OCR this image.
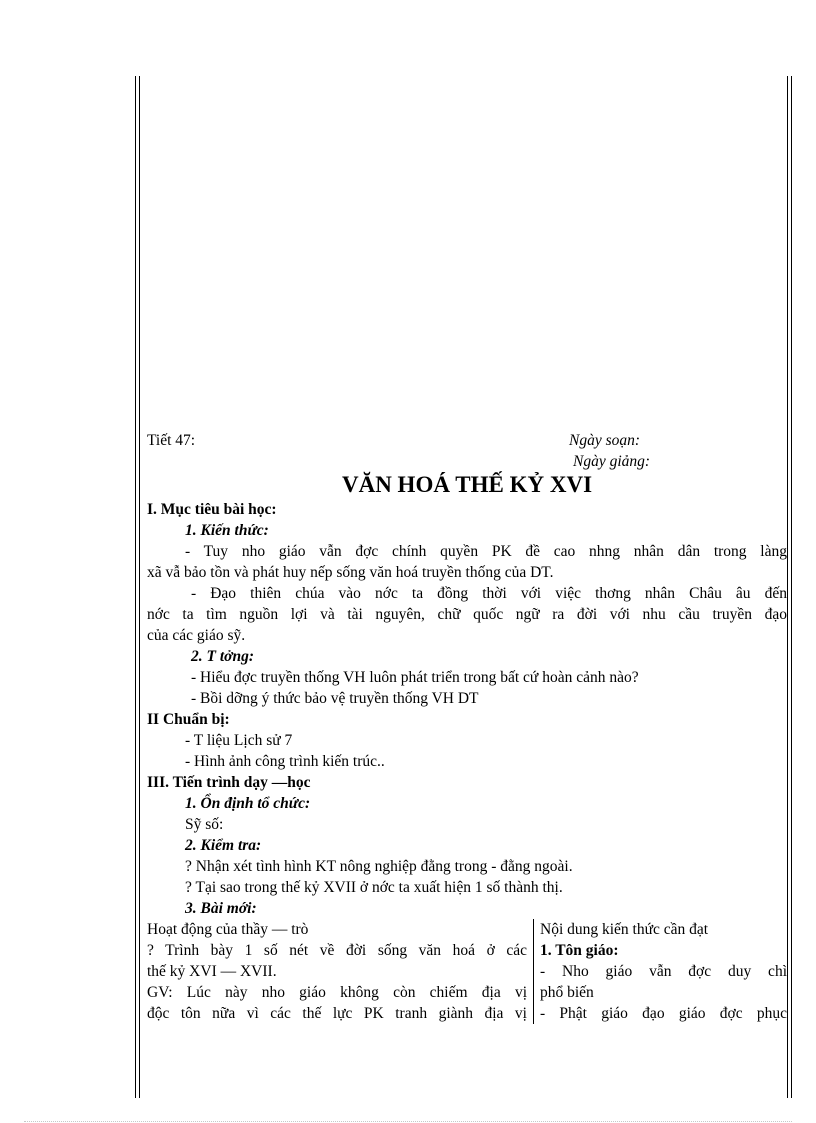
Tiết 47:	Ngày soạn:
Ngày giảng:
VĂN HOÁ THẾ KỶ XVI
I. Mục tiêu bài học:
1. Kiến thức:
- Tuy nho giáo vẫn đợc chính quyền PK đề cao nhng nhân dân trong làng
xã vẫ bảo tồn và phát huy nếp sống văn hoá truyền thống của DT.
- Đạo thiên chúa vào nớc ta đồng thời với việc thơng nhân Châu âu đến
nớc ta tìm nguồn lợi và tài nguyên, chữ quốc ngữ ra đời với nhu cầu truyền đạo
của các giáo sỹ.
2. T tởng:
- Hiểu đợc truyền thống VH luôn phát triển trong bất cứ hoàn cảnh nào?
- Bồi dỡng ý thức bảo vệ truyền thống VH DT
II Chuẩn bị:
- T liệu Lịch sử 7
- Hình ảnh công trình kiến trúc..
III. Tiến trình dạy —học
1. Ổn định tổ chức:
Sỹ số:
2. Kiểm tra:
? Nhận xét tình hình KT nông nghiệp đằng trong - đằng ngoài.
? Tại sao trong thế kỷ XVII ở nớc ta xuất hiện 1 số thành thị.
3. Bài mới:
Hoạt động của thầy — trò
? Trình bày 1 số nét về đời sống văn hoá ở các
thế kỷ XVI — XVII.
GV: Lúc này nho giáo không còn chiếm địa vị
độc tôn nữa vì các thế lực PK tranh giành địa vị
Nội dung kiến thức cần đạt
1. Tôn giáo:
- Nho giáo vẫn đợc duy chì
phổ biến
- Phật giáo đạo giáo đợc phục
